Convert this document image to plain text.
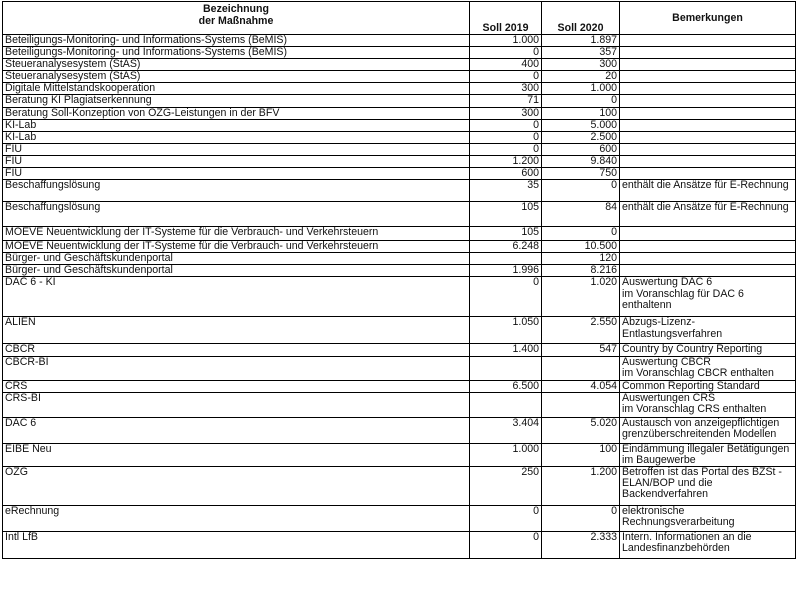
Bezeichnung
der Maßnahme	Soll 2019	Soll 2020	Bemerkungen
Beteiligungs-Monitoring- und Informations-Systems (BeMIS)	1.000	1.897	

Beteiligungs-Monitoring- und Informations-Systems (BeMIS)	0	357	

Steueranalysesystem (StAS)	400	300	

Steueranalysesystem (StAS)	0	20	

Digitale Mittelstandskooperation	300	1.000	

Beratung KI Plagiatserkennung	71	0	

Beratung Soll-Konzeption von OZG-Leistungen in der BFV	300	100	

KI-Lab	0	5.000	

KI-Lab	0	2.500	

FIU	0	600	

FIU	1.200	9.840	

FIU	600	750	

Beschaffungslösung	35	0	enthält die Ansätze für E-Rechnung

Beschaffungslösung	105	84	enthält die Ansätze für E-Rechnung

MOEVE Neuentwicklung der IT-Systeme für die Verbrauch- und Verkehrsteuern	105	0	

MOEVE Neuentwicklung der IT-Systeme für die Verbrauch- und Verkehrsteuern	6.248	10.500	

Bürger- und Geschäftskundenportal		120	

Bürger- und Geschäftskundenportal	1.996	8.216	

DAC 6 - KI	0	1.020	Auswertung DAC 6
im Voranschlag für DAC 6
enthaltenn

ALIEN	1.050	2.550	Abzugs-Lizenz-
Entlastungsverfahren

CBCR	1.400	547	Country by Country Reporting

CBCR-BI			Auswertung CBCR
im Voranschlag CBCR enthalten

CRS	6.500	4.054	Common Reporting Standard

CRS-BI			Auswertungen CRS
im Voranschlag CRS enthalten

DAC 6	3.404	5.020	Austausch von anzeigepflichtigen
grenzüberschreitenden Modellen

EIBE Neu	1.000	100	Eindämmung illegaler Betätigungen
im Baugewerbe

OZG	250	1.200	Betroffen ist das Portal des BZSt -
ELAN/BOP und die
Backendverfahren

eRechnung	0	0	elektronische
Rechnungsverarbeitung

Intl LfB	0	2.333	Intern. Informationen an die
Landesfinanzbehörden
